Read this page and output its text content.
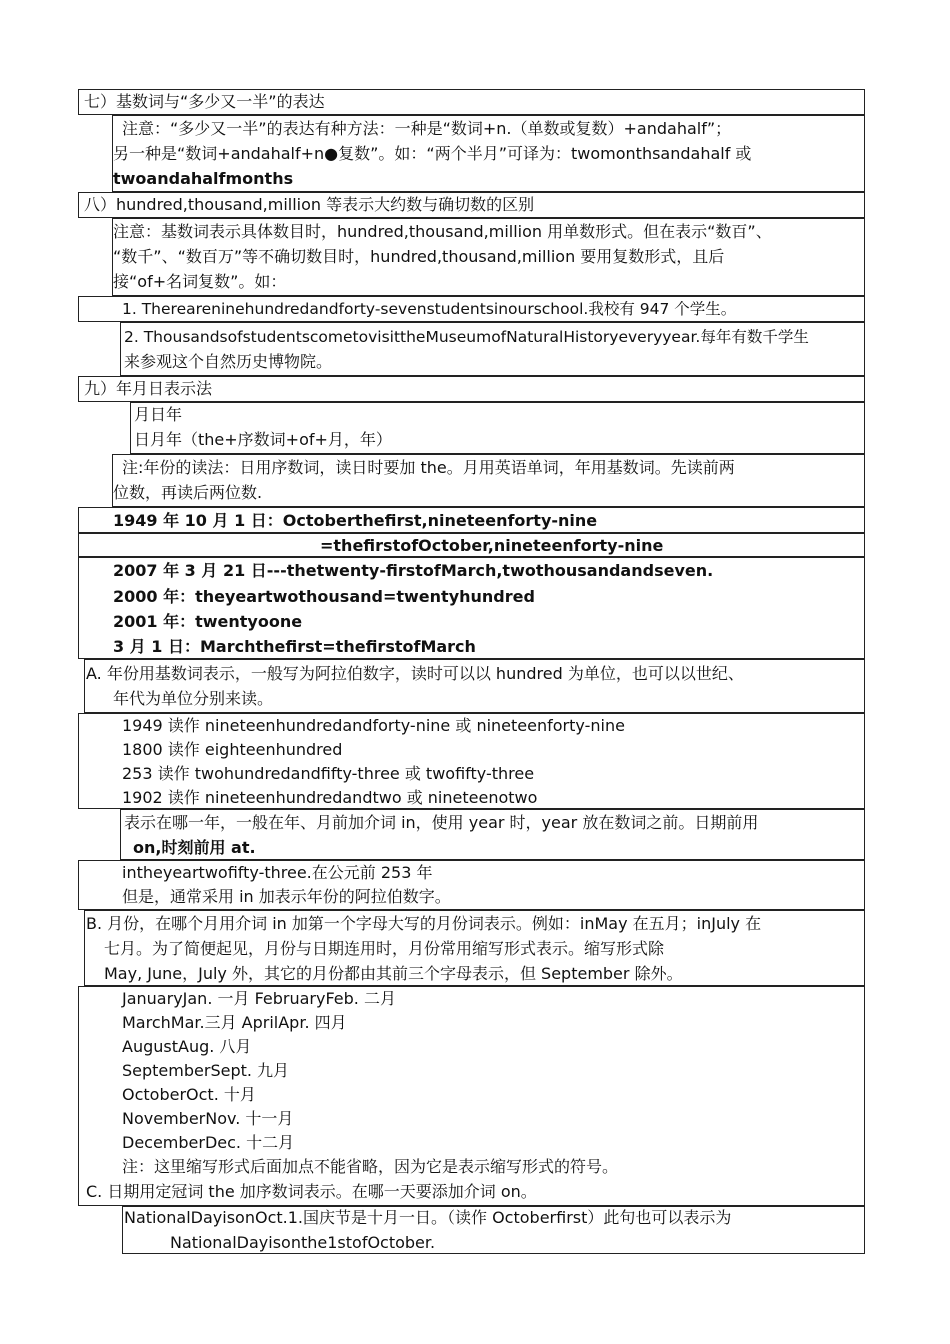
七）基数词与“多少又一半”的表达
注意：“多少又一半”的表达有种方法：一种是“数词+n.（单数或复数）+andahalf”；
另一种是“数词+andahalf+n●复数”。如：“两个半月”可译为：twomonthsandahalf 或
twoandahalfmonths
八）hundred,thousand,million 等表示大约数与确切数的区别
注意：基数词表示具体数目时，hundred,thousand,million 用单数形式。但在表示“数百”、
“数千”、“数百万”等不确切数目时，hundred,thousand,million 要用复数形式，且后
接“of+名词复数”。如：
1. Thereareninehundredandforty-sevenstudentsinourschool.我校有 947 个学生。
2. ThousandsofstudentscometovisittheMuseumofNaturalHistoryeveryyear.每年有数千学生
来参观这个自然历史博物院。
九）年月日表示法
月日年
日月年（the+序数词+of+月，年）
注:年份的读法：日用序数词，读日时要加 the。月用英语单词，年用基数词。先读前两
位数，再读后两位数.
1949 年 10 月 1 日：Octoberthefirst,nineteenforty-nine
=thefirstofOctober,nineteenforty-nine
2007 年 3 月 21 日---thetwenty-firstofMarch,twothousandandseven.
2000 年：theyeartwothousand=twentyhundred
2001 年：twentyoone
3 月 1 日：Marchthefirst=thefirstofMarch
A. 年份用基数词表示，一般写为阿拉伯数字，读时可以以 hundred 为单位，也可以以世纪、
年代为单位分别来读。
1949 读作 nineteenhundredandforty-nine 或 nineteenforty-nine
1800 读作 eighteenhundred
253 读作 twohundredandfifty-three 或 twofifty-three
1902 读作 nineteenhundredandtwo 或 nineteenotwo
表示在哪一年，一般在年、月前加介词 in，使用 year 时，year 放在数词之前。日期前用
on,时刻前用 at.
intheyeartwofifty-three.在公元前 253 年
但是，通常采用 in 加表示年份的阿拉伯数字。
B. 月份，在哪个月用介词 in 加第一个字母大写的月份词表示。例如：inMay 在五月；inJuly 在
七月。为了简便起见，月份与日期连用时，月份常用缩写形式表示。缩写形式除
May, June，July 外，其它的月份都由其前三个字母表示，但 September 除外。
JanuaryJan. 一月 FebruaryFeb. 二月
MarchMar.三月 AprilApr. 四月
AugustAug. 八月
SeptemberSept. 九月
OctoberOct. 十月
NovemberNov. 十一月
DecemberDec. 十二月
注：这里缩写形式后面加点不能省略，因为它是表示缩写形式的符号。
C. 日期用定冠词 the 加序数词表示。在哪一天要添加介词 on。
NationalDayisonOct.1.国庆节是十月一日。（读作 Octoberfirst）此句也可以表示为
NationalDayisonthe1stofOctober.
